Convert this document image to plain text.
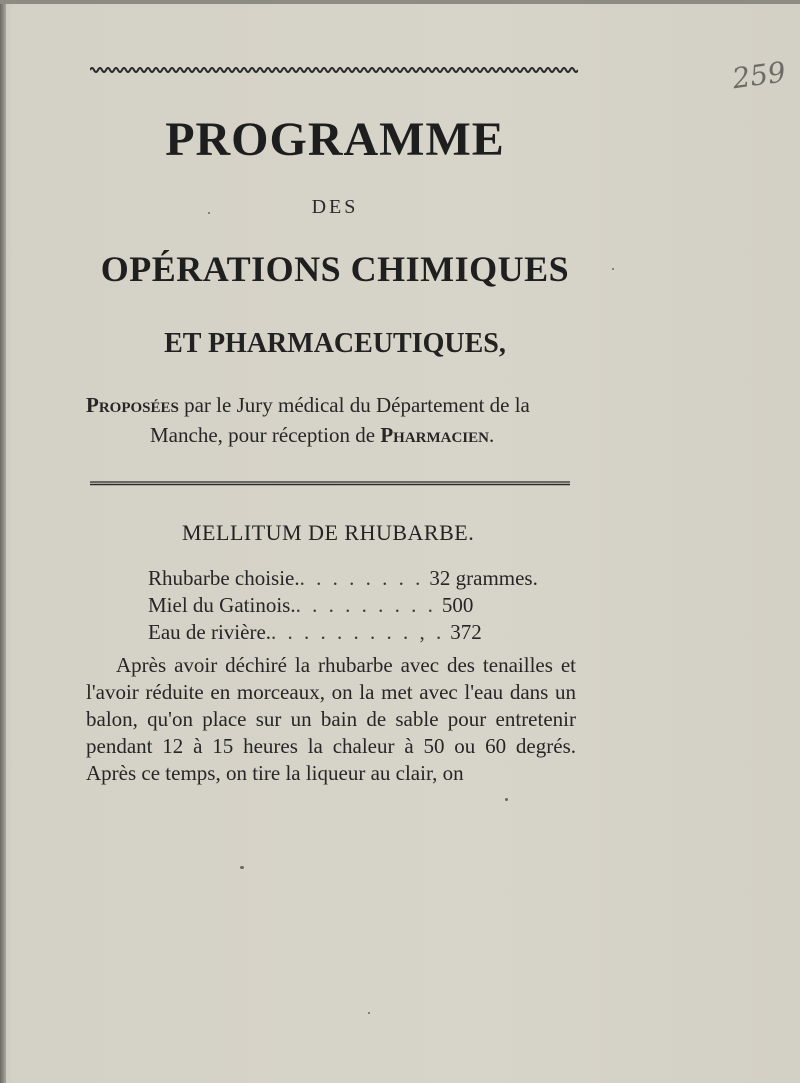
259
PROGRAMME
DES
OPÉRATIONS CHIMIQUES
ET PHARMACEUTIQUES,
Proposées par le Jury médical du Département de la
Manche, pour réception de Pharmacien.
MELLITUM DE RHUBARBE.
Rhubarbe choisie. . . . . . . . . 32 grammes.
Miel du Gatinois. . . . . . . . . . 500
Eau de rivière. . . . . . . . . . , . 372

Après avoir déchiré la rhubarbe avec des tenailles et l'avoir réduite en morceaux, on la met avec l'eau dans un balon, qu'on place sur un bain de sable pour entretenir pendant 12 à 15 heures la chaleur à 50 ou 60 degrés. Après ce temps, on tire la liqueur au clair, on
